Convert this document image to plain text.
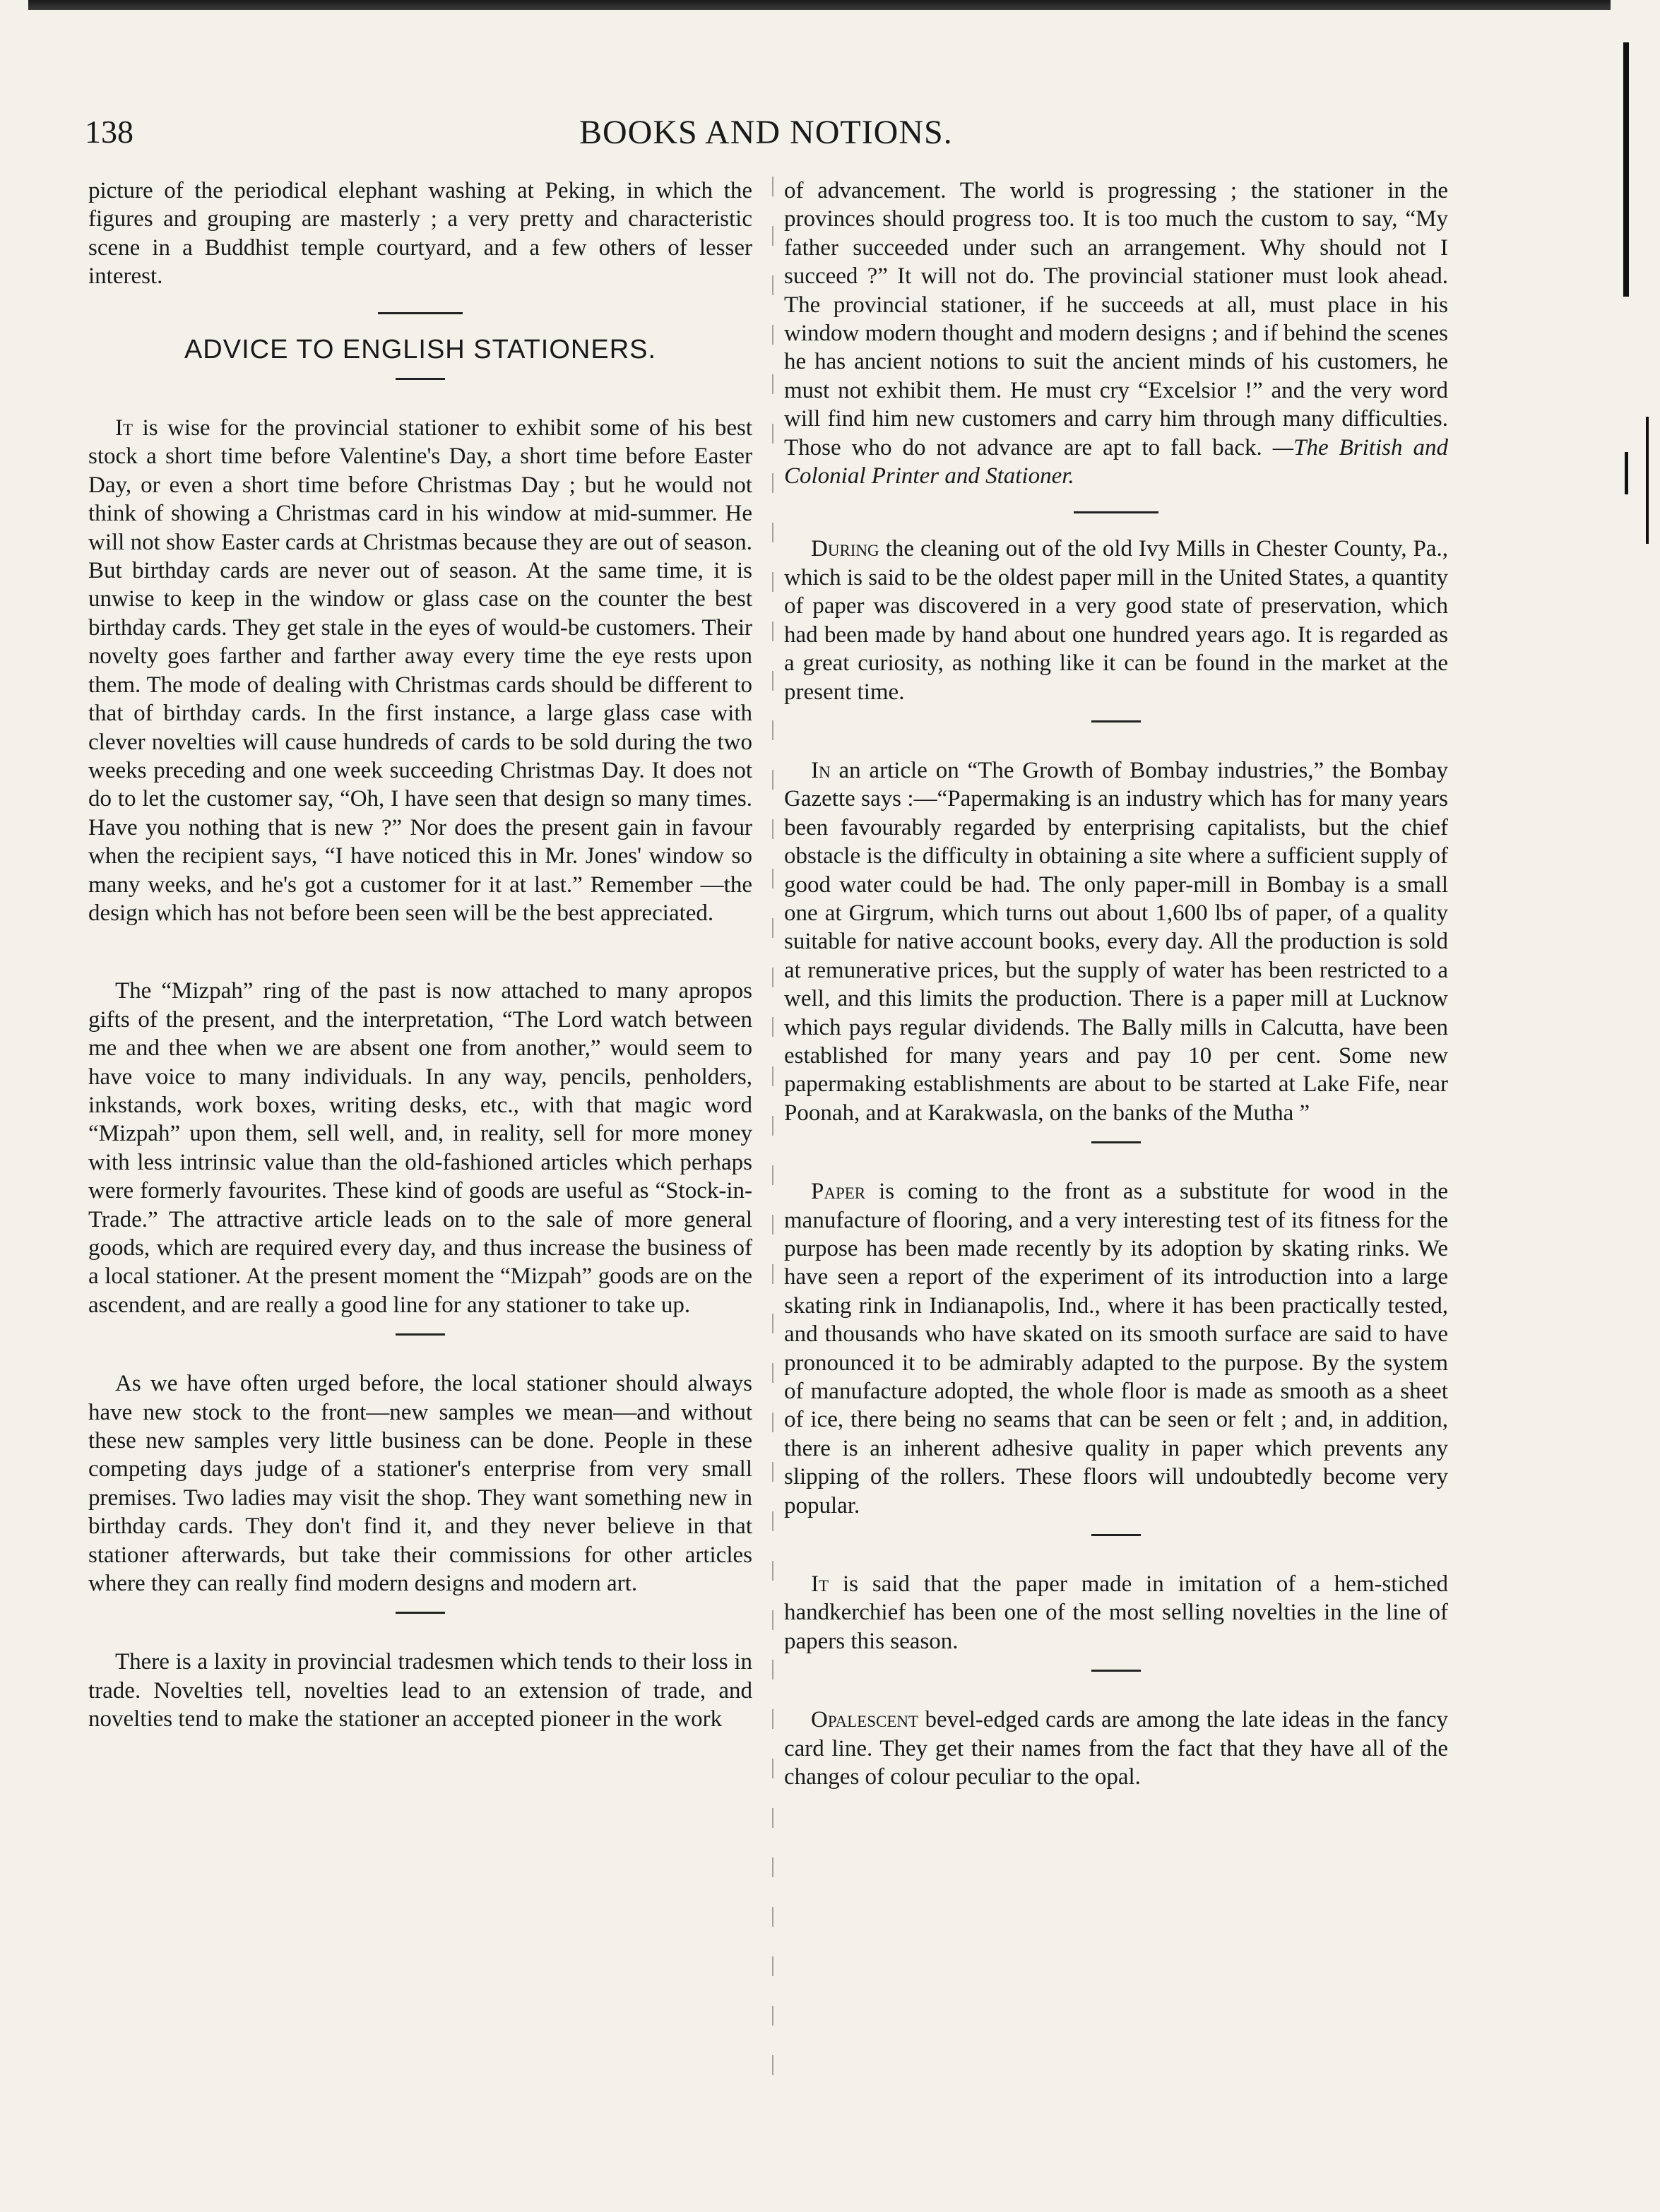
138	BOOKS AND NOTIONS.

picture of the periodical elephant washing at Peking, in which the figures and grouping are masterly ; a very pretty and characteristic scene in a Buddhist temple courtyard, and a few others of lesser interest.

ADVICE TO ENGLISH STATIONERS.

It is wise for the provincial stationer to exhibit some of his best stock a short time before Valentine's Day, a short time before Easter Day, or even a short time before Christmas Day ; but he would not think of showing a Christmas card in his window at mid-summer. He will not show Easter cards at Christmas because they are out of season. But birthday cards are never out of season. At the same time, it is unwise to keep in the window or glass case on the counter the best birthday cards. They get stale in the eyes of would-be customers. Their novelty goes farther and farther away every time the eye rests upon them. The mode of dealing with Christmas cards should be different to that of birthday cards. In the first instance, a large glass case with clever novelties will cause hundreds of cards to be sold during the two weeks preceding and one week succeeding Christmas Day. It does not do to let the customer say, “Oh, I have seen that design so many times. Have you nothing that is new ?” Nor does the present gain in favour when the recipient says, “I have noticed this in Mr. Jones' window so many weeks, and he's got a customer for it at last.” Remember —the design which has not before been seen will be the best appreciated.

The “Mizpah” ring of the past is now attached to many apropos gifts of the present, and the interpretation, “The Lord watch between me and thee when we are absent one from another,” would seem to have voice to many individuals. In any way, pencils, penholders, inkstands, work boxes, writing desks, etc., with that magic word “Mizpah” upon them, sell well, and, in reality, sell for more money with less intrinsic value than the old-fashioned articles which perhaps were formerly favourites. These kind of goods are useful as “Stock-in-Trade.” The attractive article leads on to the sale of more general goods, which are required every day, and thus increase the business of a local stationer. At the present moment the “Mizpah” goods are on the ascendent, and are really a good line for any stationer to take up.

As we have often urged before, the local stationer should always have new stock to the front—new samples we mean—and without these new samples very little business can be done. People in these competing days judge of a stationer's enterprise from very small premises. Two ladies may visit the shop. They want something new in birthday cards. They don't find it, and they never believe in that stationer afterwards, but take their commissions for other articles where they can really find modern designs and modern art.

There is a laxity in provincial tradesmen which tends to their loss in trade. Novelties tell, novelties lead to an extension of trade, and novelties tend to make the stationer an accepted pioneer in the work

of advancement. The world is progressing ; the stationer in the provinces should progress too. It is too much the custom to say, “My father succeeded under such an arrangement. Why should not I succeed ?” It will not do. The provincial stationer must look ahead. The provincial stationer, if he succeeds at all, must place in his window modern thought and modern designs ; and if behind the scenes he has ancient notions to suit the ancient minds of his customers, he must not exhibit them. He must cry “Excelsior !” and the very word will find him new customers and carry him through many difficulties. Those who do not advance are apt to fall back. —The British and Colonial Printer and Stationer.

During the cleaning out of the old Ivy Mills in Chester County, Pa., which is said to be the oldest paper mill in the United States, a quantity of paper was discovered in a very good state of preservation, which had been made by hand about one hundred years ago. It is regarded as a great curiosity, as nothing like it can be found in the market at the present time.

In an article on “The Growth of Bombay industries,” the Bombay Gazette says :—“Papermaking is an industry which has for many years been favourably regarded by enterprising capitalists, but the chief obstacle is the difficulty in obtaining a site where a sufficient supply of good water could be had. The only paper-mill in Bombay is a small one at Girgrum, which turns out about 1,600 lbs of paper, of a quality suitable for native account books, every day. All the production is sold at remunerative prices, but the supply of water has been restricted to a well, and this limits the production. There is a paper mill at Lucknow which pays regular dividends. The Bally mills in Calcutta, have been established for many years and pay 10 per cent. Some new papermaking establishments are about to be started at Lake Fife, near Poonah, and at Karakwasla, on the banks of the Mutha ”

Paper is coming to the front as a substitute for wood in the manufacture of flooring, and a very interesting test of its fitness for the purpose has been made recently by its adoption by skating rinks. We have seen a report of the experiment of its introduction into a large skating rink in Indianapolis, Ind., where it has been practically tested, and thousands who have skated on its smooth surface are said to have pronounced it to be admirably adapted to the purpose. By the system of manufacture adopted, the whole floor is made as smooth as a sheet of ice, there being no seams that can be seen or felt ; and, in addition, there is an inherent adhesive quality in paper which prevents any slipping of the rollers. These floors will undoubtedly become very popular.

It is said that the paper made in imitation of a hem-stiched handkerchief has been one of the most selling novelties in the line of papers this season.

Opalescent bevel-edged cards are among the late ideas in the fancy card line. They get their names from the fact that they have all of the changes of colour peculiar to the opal.
